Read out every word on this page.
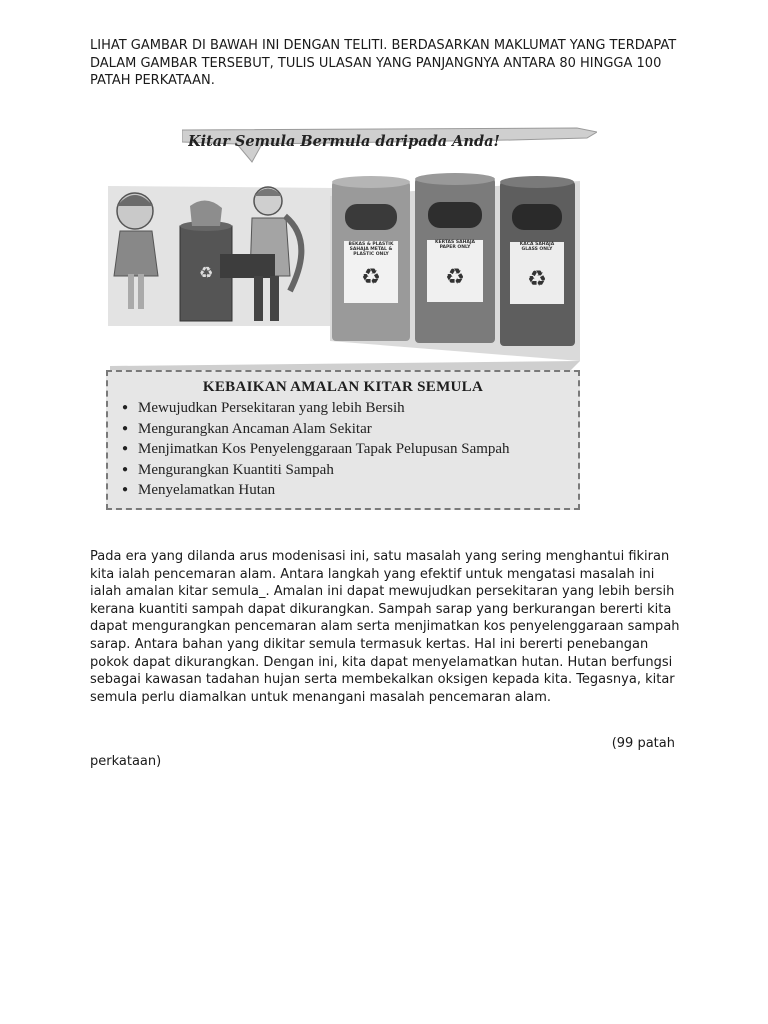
LIHAT GAMBAR DI BAWAH INI DENGAN TELITI. BERDASARKAN MAKLUMAT YANG TERDAPAT DALAM GAMBAR TERSEBUT, TULIS ULASAN YANG PANJANGNYA ANTARA 80 HINGGA 100 PATAH PERKATAAN.
Kitar Semula Bermula daripada Anda!
♻	♻	♻	♻
KEBAIKAN AMALAN KITAR SEMULA
● Mewujudkan Persekitaran yang lebih Bersih
● Mengurangkan Ancaman Alam Sekitar
● Menjimatkan Kos Penyelenggaraan Tapak Pelupusan Sampah
● Mengurangkan Kuantiti Sampah
● Menyelamatkan Hutan
BEKAS & PLASTIK SAHAJA METAL & PLASTIC ONLY
KERTAS SAHAJA PAPER ONLY
KACA SAHAJA GLASS ONLY
Pada era yang dilanda arus modenisasi ini, satu masalah yang sering menghantui fikiran kita ialah pencemaran alam. Antara langkah yang efektif untuk mengatasi masalah ini ialah amalan kitar semula_. Amalan ini dapat mewujudkan persekitaran yang lebih bersih kerana kuantiti sampah dapat dikurangkan. Sampah sarap yang berkurangan bererti kita dapat mengurangkan pencemaran alam serta menjimatkan kos penyelenggaraan sampah sarap. Antara bahan yang dikitar semula termasuk kertas. Hal ini bererti penebangan pokok dapat dikurangkan. Dengan ini, kita dapat menyelamatkan hutan. Hutan berfungsi sebagai kawasan tadahan hujan serta membekalkan oksigen kepada kita. Tegasnya, kitar semula perlu diamalkan untuk menangani masalah pencemaran alam.
(99 patah
perkataan)
